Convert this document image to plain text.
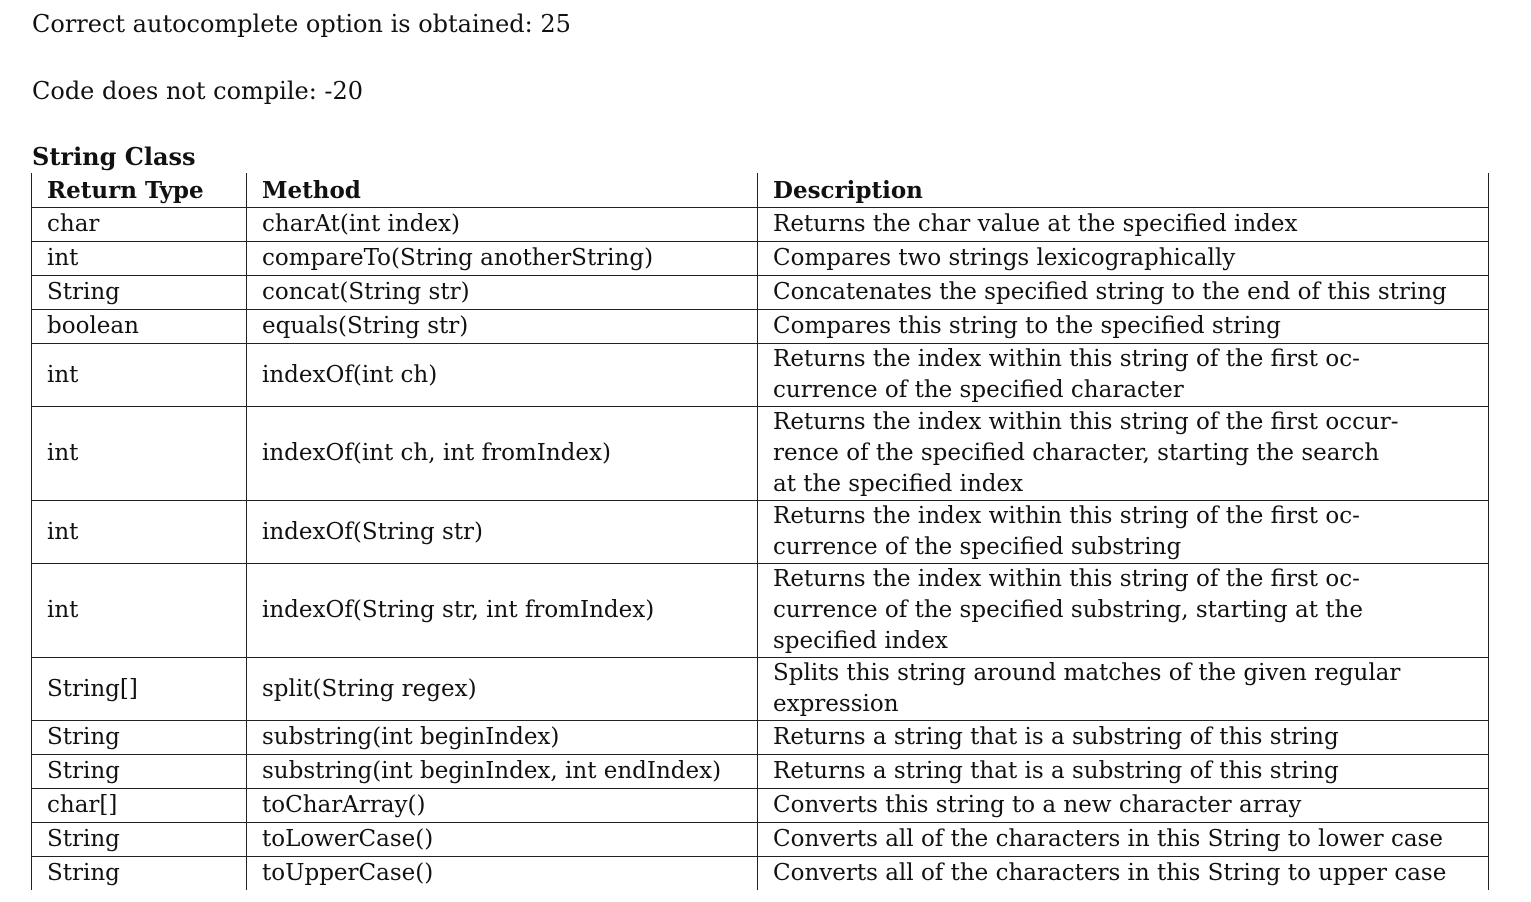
Correct autocomplete option is obtained: 25
Code does not compile: -20
String Class
Return Type	Method	Description
char	charAt(int index)	Returns the char value at the specified index

int	compareTo(String anotherString)	Compares two strings lexicographically

String	concat(String str)	Concatenates the specified string to the end of this string

boolean	equals(String str)	Compares this string to the specified string

int	indexOf(int ch)	Returns the index within this string of the first oc-
currence of the specified character

int	indexOf(int ch, int fromIndex)	Returns the index within this string of the first occur-
rence of the specified character, starting the search
at the specified index

int	indexOf(String str)	Returns the index within this string of the first oc-
currence of the specified substring

int	indexOf(String str, int fromIndex)	Returns the index within this string of the first oc-
currence of the specified substring, starting at the
specified index

String[]	split(String regex)	Splits this string around matches of the given regular
expression

String	substring(int beginIndex)	Returns a string that is a substring of this string

String	substring(int beginIndex, int endIndex)	Returns a string that is a substring of this string

char[]	toCharArray()	Converts this string to a new character array

String	toLowerCase()	Converts all of the characters in this String to lower case

String	toUpperCase()	Converts all of the characters in this String to upper case
